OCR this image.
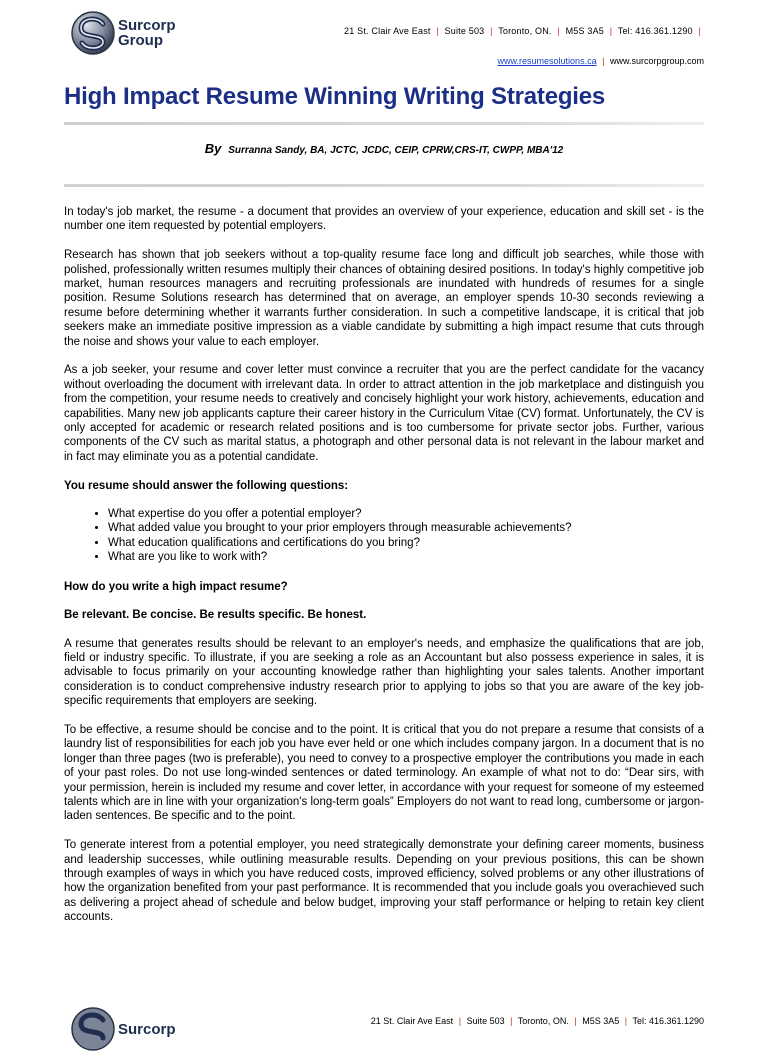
Surcorp
Group
21 St. Clair Ave East | Suite 503 | Toronto, ON. | M5S 3A5 | Tel: 416.361.1290 |
www.resumesolutions.ca | www.surcorpgroup.com
High Impact Resume Winning Writing Strategies
By Surranna Sandy, BA, JCTC, JCDC, CEIP, CPRW,CRS-IT, CWPP, MBA'12

In today's job market, the resume - a document that provides an overview of your experience, education and skill set - is the number one item requested by potential employers.

Research has shown that job seekers without a top-quality resume face long and difficult job searches, while those with polished, professionally written resumes multiply their chances of obtaining desired positions. In today's highly competitive job market, human resources managers and recruiting professionals are inundated with hundreds of resumes for a single position. Resume Solutions research has determined that on average, an employer spends 10-30 seconds reviewing a resume before determining whether it warrants further consideration. In such a competitive landscape, it is critical that job seekers make an immediate positive impression as a viable candidate by submitting a high impact resume that cuts through the noise and shows your value to each employer.

As a job seeker, your resume and cover letter must convince a recruiter that you are the perfect candidate for the vacancy without overloading the document with irrelevant data. In order to attract attention in the job marketplace and distinguish you from the competition, your resume needs to creatively and concisely highlight your work history, achievements, education and capabilities. Many new job applicants capture their career history in the Curriculum Vitae (CV) format. Unfortunately, the CV is only accepted for academic or research related positions and is too cumbersome for private sector jobs. Further, various components of the CV such as marital status, a photograph and other personal data is not relevant in the labour market and in fact may eliminate you as a potential candidate.

You resume should answer the following questions:

• What expertise do you offer a potential employer?
• What added value you brought to your prior employers through measurable achievements?
• What education qualifications and certifications do you bring?
• What are you like to work with?

How do you write a high impact resume?

Be relevant. Be concise. Be results specific. Be honest.

A resume that generates results should be relevant to an employer's needs, and emphasize the qualifications that are job, field or industry specific. To illustrate, if you are seeking a role as an Accountant but also possess experience in sales, it is advisable to focus primarily on your accounting knowledge rather than highlighting your sales talents. Another important consideration is to conduct comprehensive industry research prior to applying to jobs so that you are aware of the key job-specific requirements that employers are seeking.

To be effective, a resume should be concise and to the point. It is critical that you do not prepare a resume that consists of a laundry list of responsibilities for each job you have ever held or one which includes company jargon. In a document that is no longer than three pages (two is preferable), you need to convey to a prospective employer the contributions you made in each of your past roles. Do not use long-winded sentences or dated terminology. An example of what not to do: “Dear sirs, with your permission, herein is included my resume and cover letter, in accordance with your request for someone of my esteemed talents which are in line with your organization's long-term goals” Employers do not want to read long, cumbersome or jargon-laden sentences. Be specific and to the point.

To generate interest from a potential employer, you need strategically demonstrate your defining career moments, business and leadership successes, while outlining measurable results. Depending on your previous positions, this can be shown through examples of ways in which you have reduced costs, improved efficiency, solved problems or any other illustrations of how the organization benefited from your past performance. It is recommended that you include goals you overachieved such as delivering a project ahead of schedule and below budget, improving your staff performance or helping to retain key client accounts.

Surcorp	21 St. Clair Ave East | Suite 503 | Toronto, ON. | M5S 3A5 | Tel: 416.361.1290
